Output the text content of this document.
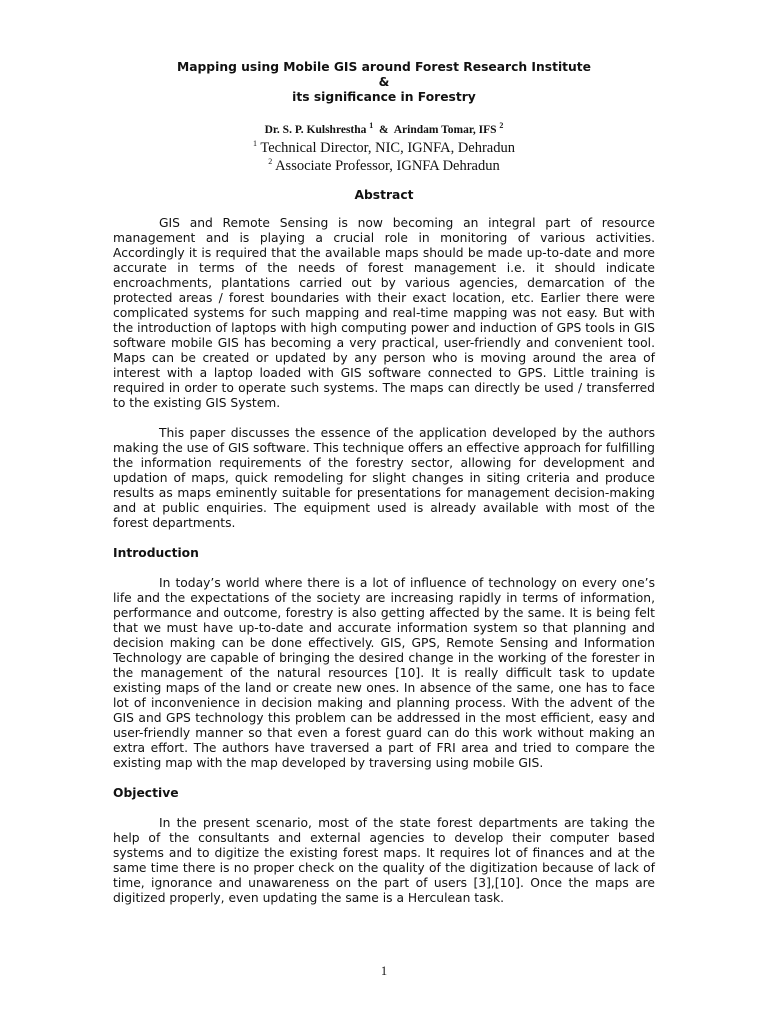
Mapping using Mobile GIS around Forest Research Institute
&
its significance in Forestry
Dr. S. P. Kulshrestha $^1$ & Arindam Tomar, IFS $^2$
$^1$ Technical Director, NIC, IGNFA, Dehradun
$^2$ Associate Professor, IGNFA Dehradun
Abstract

GIS and Remote Sensing is now becoming an integral part of resource management and is playing a crucial role in monitoring of various activities. Accordingly it is required that the available maps should be made up-to-date and more accurate in terms of the needs of forest management i.e. it should indicate encroachments, plantations carried out by various agencies, demarcation of the protected areas / forest boundaries with their exact location, etc. Earlier there were complicated systems for such mapping and real-time mapping was not easy. But with the introduction of laptops with high computing power and induction of GPS tools in GIS software mobile GIS has becoming a very practical, user-friendly and convenient tool. Maps can be created or updated by any person who is moving around the area of interest with a laptop loaded with GIS software connected to GPS. Little training is required in order to operate such systems. The maps can directly be used / transferred to the existing GIS System.

This paper discusses the essence of the application developed by the authors making the use of GIS software. This technique offers an effective approach for fulfilling the information requirements of the forestry sector, allowing for development and updation of maps, quick remodeling for slight changes in siting criteria and produce results as maps eminently suitable for presentations for management decision-making and at public enquiries. The equipment used is already available with most of the forest departments.

Introduction

In today’s world where there is a lot of influence of technology on every one’s life and the expectations of the society are increasing rapidly in terms of information, performance and outcome, forestry is also getting affected by the same. It is being felt that we must have up-to-date and accurate information system so that planning and decision making can be done effectively. GIS, GPS, Remote Sensing and Information Technology are capable of bringing the desired change in the working of the forester in the management of the natural resources [10]. It is really difficult task to update existing maps of the land or create new ones. In absence of the same, one has to face lot of inconvenience in decision making and planning process. With the advent of the GIS and GPS technology this problem can be addressed in the most efficient, easy and user-friendly manner so that even a forest guard can do this work without making an extra effort. The authors have traversed a part of FRI area and tried to compare the existing map with the map developed by traversing using mobile GIS.

Objective

In the present scenario, most of the state forest departments are taking the help of the consultants and external agencies to develop their computer based systems and to digitize the existing forest maps. It requires lot of finances and at the same time there is no proper check on the quality of the digitization because of lack of time, ignorance and unawareness on the part of users [3],[10]. Once the maps are digitized properly, even updating the same is a Herculean task.

1
